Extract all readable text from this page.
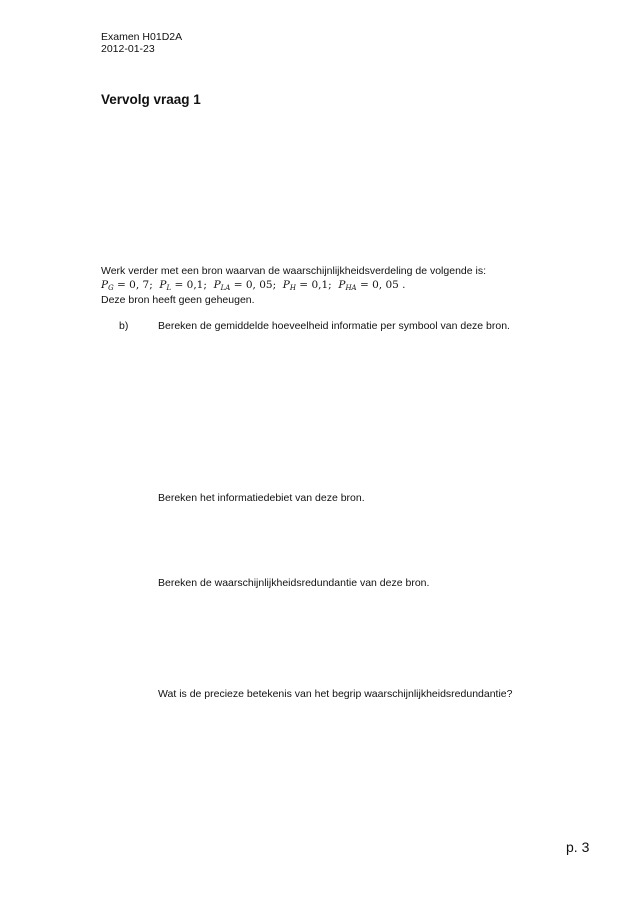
Examen H01D2A
2012-01-23
Vervolg vraag 1
Werk verder met een bron waarvan de waarschijnlijkheidsverdeling de volgende is:
$P_G = 0$, 7;  $P_L = 0,1$;  $P_{LA} = 0$, 05;  $P_H = 0,1$;  $P_{HA} = 0$, 05 .
Deze bron heeft geen geheugen.
b)	Bereken de gemiddelde hoeveelheid informatie per symbool van deze bron.
Bereken het informatiedebiet van deze bron.
Bereken de waarschijnlijkheidsredundantie van deze bron.
Wat is de precieze betekenis van het begrip waarschijnlijkheidsredundantie?
p. 3
